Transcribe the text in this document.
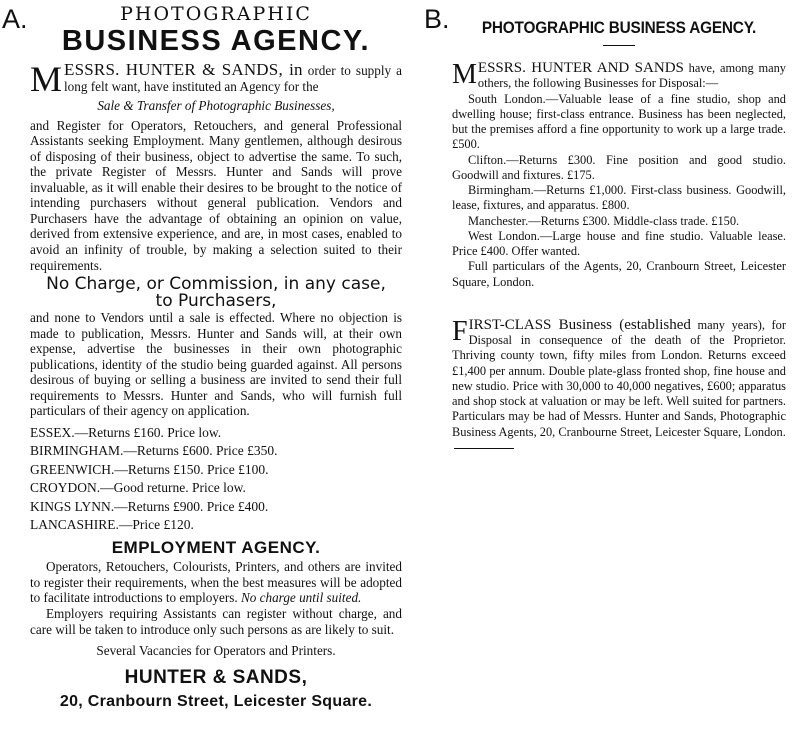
A.	B.
PHOTOGRAPHIC
BUSINESS AGENCY.
M ESSRS. HUNTER & SANDS, in order to supply a long felt want, have instituted an Agency for the

Sale & Transfer of Photographic Businesses,

and Register for Operators, Retouchers, and general Professional Assistants seeking Employment. Many gentlemen, although desirous of disposing of their business, object to advertise the same. To such, the private Register of Messrs. Hunter and Sands will prove invaluable, as it will enable their desires to be brought to the notice of intending purchasers without general publication. Vendors and Purchasers have the advantage of obtaining an opinion on value, derived from extensive experience, and are, in most cases, enabled to avoid an infinity of trouble, by making a selection suited to their requirements.

No Charge, or Commission, in any case,
to Purchasers,
and none to Vendors until a sale is effected. Where no objection is made to publication, Messrs. Hunter and Sands will, at their own expense, advertise the businesses in their own photographic publications, identity of the studio being guarded against. All persons desirous of buying or selling a business are invited to send their full requirements to Messrs. Hunter and Sands, who will furnish full particulars of their agency on application.
ESSEX.—Returns £160. Price low.
BIRMINGHAM.—Returns £600. Price £350.
GREENWICH.—Returns £150. Price £100.
CROYDON.—Good returne. Price low.
KINGS LYNN.—Returns £900. Price £400.
LANCASHIRE.—Price £120.
EMPLOYMENT AGENCY.

Operators, Retouchers, Colourists, Printers, and others are invited to register their requirements, when the best measures will be adopted to facilitate introductions to employers. No charge until suited.

Employers requiring Assistants can register without charge, and care will be taken to introduce only such persons as are likely to suit.

Several Vacancies for Operators and Printers.

HUNTER & SANDS,
20, Cranbourn Street, Leicester Square.
PHOTOGRAPHIC BUSINESS AGENCY.
M ESSRS. HUNTER AND SANDS have, among many others, the following Businesses for Disposal:—

South London.—Valuable lease of a fine studio, shop and dwelling house; first-class entrance. Business has been neglected, but the premises afford a fine opportunity to work up a large trade. £500.

Clifton.—Returns £300. Fine position and good studio. Goodwill and fixtures. £175.

Birmingham.—Returns £1,000. First-class business. Goodwill, lease, fixtures, and apparatus. £800.

Manchester.—Returns £300. Middle-class trade. £150.

West London.—Large house and fine studio. Valuable lease. Price £400. Offer wanted.

Full particulars of the Agents, 20, Cranbourn Street, Leicester Square, London.

F IRST-CLASS Business (established many years), for Disposal in consequence of the death of the Proprietor. Thriving county town, fifty miles from London. Returns exceed £1,400 per annum. Double plate-glass fronted shop, fine house and new studio. Price with 30,000 to 40,000 negatives, £600; apparatus and shop stock at valuation or may be left. Well suited for partners. Particulars may be had of Messrs. Hunter and Sands, Photographic Business Agents, 20, Cranbourne Street, Leicester Square, London.
